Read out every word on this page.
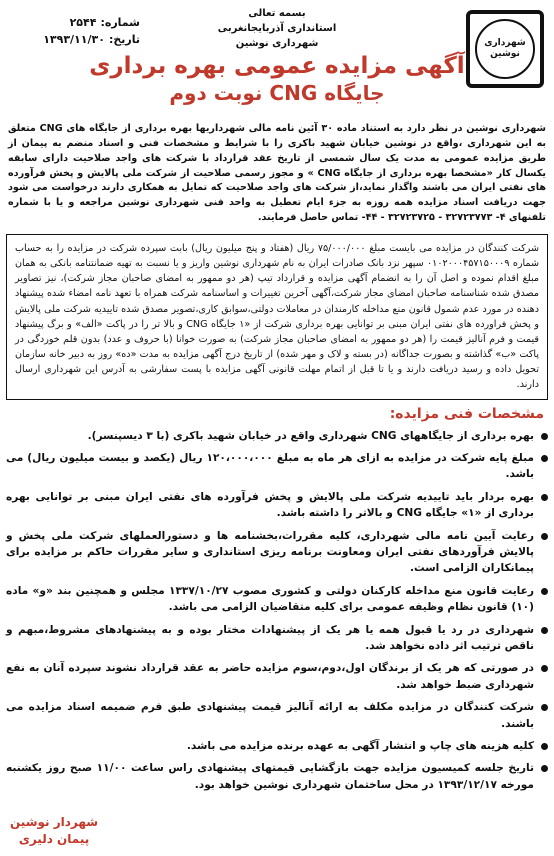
شهرداری نوشین
شماره:
۲۵۴۴
تاریخ:
۱۳۹۳/۱۱/۳۰
بسمه تعالی
استانداری آذربایجانغربی
شهرداری نوشین
آگهی مزایده عمومی بهره برداری
جایگاه CNG نوبت دوم

شهرداری نوشین در نظر دارد به استناد ماده ۳۰ آئین نامه مالی شهرداریها بهره برداری از جایگاه های CNG متعلق به این شهرداری ،واقع در نوشین خیابان شهید باکری را با شرایط و مشخصات فنی و اسناد منضم به پیمان از طریق مزایده عمومی به مدت یک سال شمسی از تاریخ عقد قرارداد با شرکت های واجد صلاحیت دارای سابقه یکسال کار «مشخصا بهره برداری از جایگاه CNG » و مجوز رسمی صلاحیت از شرکت ملی پالایش و پخش فرآورده های نفتی ایران می باشند واگذار نماید،از شرکت های واجد صلاحیت که تمایل به همکاری دارند درخواست می شود جهت دریافت اسناد مزایده همه روزه به جزء ایام تعطیل به واحد فنی شهرداری نوشین مراجعه و یا با شماره تلفنهای ۴- ۳۲۷۲۳۷۷۳ - ۳۲۷۲۳۷۲۵ - ۴۴- تماس حاصل فرمایند.

شرکت کنندگان در مزایده می بایست مبلغ ۷۵/۰۰۰/۰۰۰ ریال (هفتاد و پنج میلیون ریال) بابت سپرده شرکت در مزایده را به حساب شماره ۰۱۰۲۰۰۰۴۵۷۱۵۰۰۰۹ سپهر نزد بانک صادرات ایران به نام شهرداری نوشین واریز و یا نسبت به تهیه ضمانتنامه بانکی به همان مبلغ اقدام نموده و اصل آن را به انضمام آگهی مزایده و قرارداد تیپ (هر دو ممهور به امضای صاحبان مجاز شرکت)، نیز تصاویر مصدق شده شناسنامه صاحبان امضای مجاز شرکت،آگهی آخرین تغییرات و اساسنامه شرکت همراه با تعهد نامه امضاء شده پیشنهاد دهنده در مورد عدم شمول قانون منع مداخله کارمندان در معاملات دولتی،سوابق کاری،تصویر مصدق شده تاییدیه شرکت ملی پالایش و پخش فراورده های نفتی ایران مبنی بر توانایی بهره برداری شرکت از «۱ جایگاه CNG و بالا تر را در پاکت «الف» و برگ پیشنهاد قیمت و فرم آنالیز قیمت را (هر دو ممهور به امضای صاحبان مجاز شرکت) به صورت خوانا (با حروف و عدد) بدون قلم خوردگی در پاکت «ب» گذاشته و بصورت جداگانه (در بسته و لاک و مهر شده) از تاریخ درج آگهی مزایده به مدت «ده» روز به دبیر خانه سازمان تحویل داده و رسید دریافت دارند و یا تا قبل از اتمام مهلت قانونی آگهی مزایده با پست سفارشی به آدرس این شهرداری ارسال دارند.
مشخصات فنی مزایده:
بهره برداری از جایگاههای CNG شهرداری واقع در خیابان شهید باکری (با ۳ دیسپنسر).
مبلغ پایه شرکت در مزایده به ازای هر ماه به مبلغ ۱۲۰،۰۰۰،۰۰۰ ریال (یکصد و بیست میلیون ریال) می باشد.
بهره بردار باید تاییدیه شرکت ملی پالایش و پخش فرآورده های نفتی ایران مبنی بر توانایی بهره برداری از «۱» جایگاه CNG و بالاتر را داشته باشد.
رعایت آیین نامه مالی شهرداری، کلیه مقررات،بخشنامه ها و دستورالعملهای شرکت ملی پخش و پالایش فرآوردهای نفتی ایران ومعاونت برنامه ریزی استانداری و سایر مقررات حاکم بر مزایده برای پیمانکاران الزامی است.
رعایت قانون منع مداخله کارکنان دولتی و کشوری مصوب ۱۳۳۷/۱۰/۲۷ مجلس و همچنین بند «و» ماده (۱۰) قانون نظام وظیفه عمومی برای کلیه متقاضیان الزامی می باشد.
شهرداری در رد یا قبول همه یا هر یک از پیشنهادات مختار بوده و به پیشنهادهای مشروط،مبهم و ناقص ترتیب اثر داده نخواهد شد.
در صورتی که هر یک از برندگان اول،دوم،سوم مزایده حاضر به عقد قرارداد نشوند سپرده آنان به نفع شهرداری ضبط خواهد شد.
شرکت کنندگان در مزایده مکلف به ارائه آنالیز قیمت پیشنهادی طبق فرم ضمیمه اسناد مزایده می باشند.
کلیه هزینه های چاپ و انتشار آگهی به عهده برنده مزایده می باشد.
تاریخ جلسه کمیسیون مزایده جهت بازگشایی قیمتهای پیشنهادی راس ساعت ۱۱/۰۰ صبح روز یکشنبه مورخه ۱۳۹۳/۱۲/۱۷ در محل ساختمان شهرداری نوشین خواهد بود.
شهردار نوشین
پیمان دلیری
